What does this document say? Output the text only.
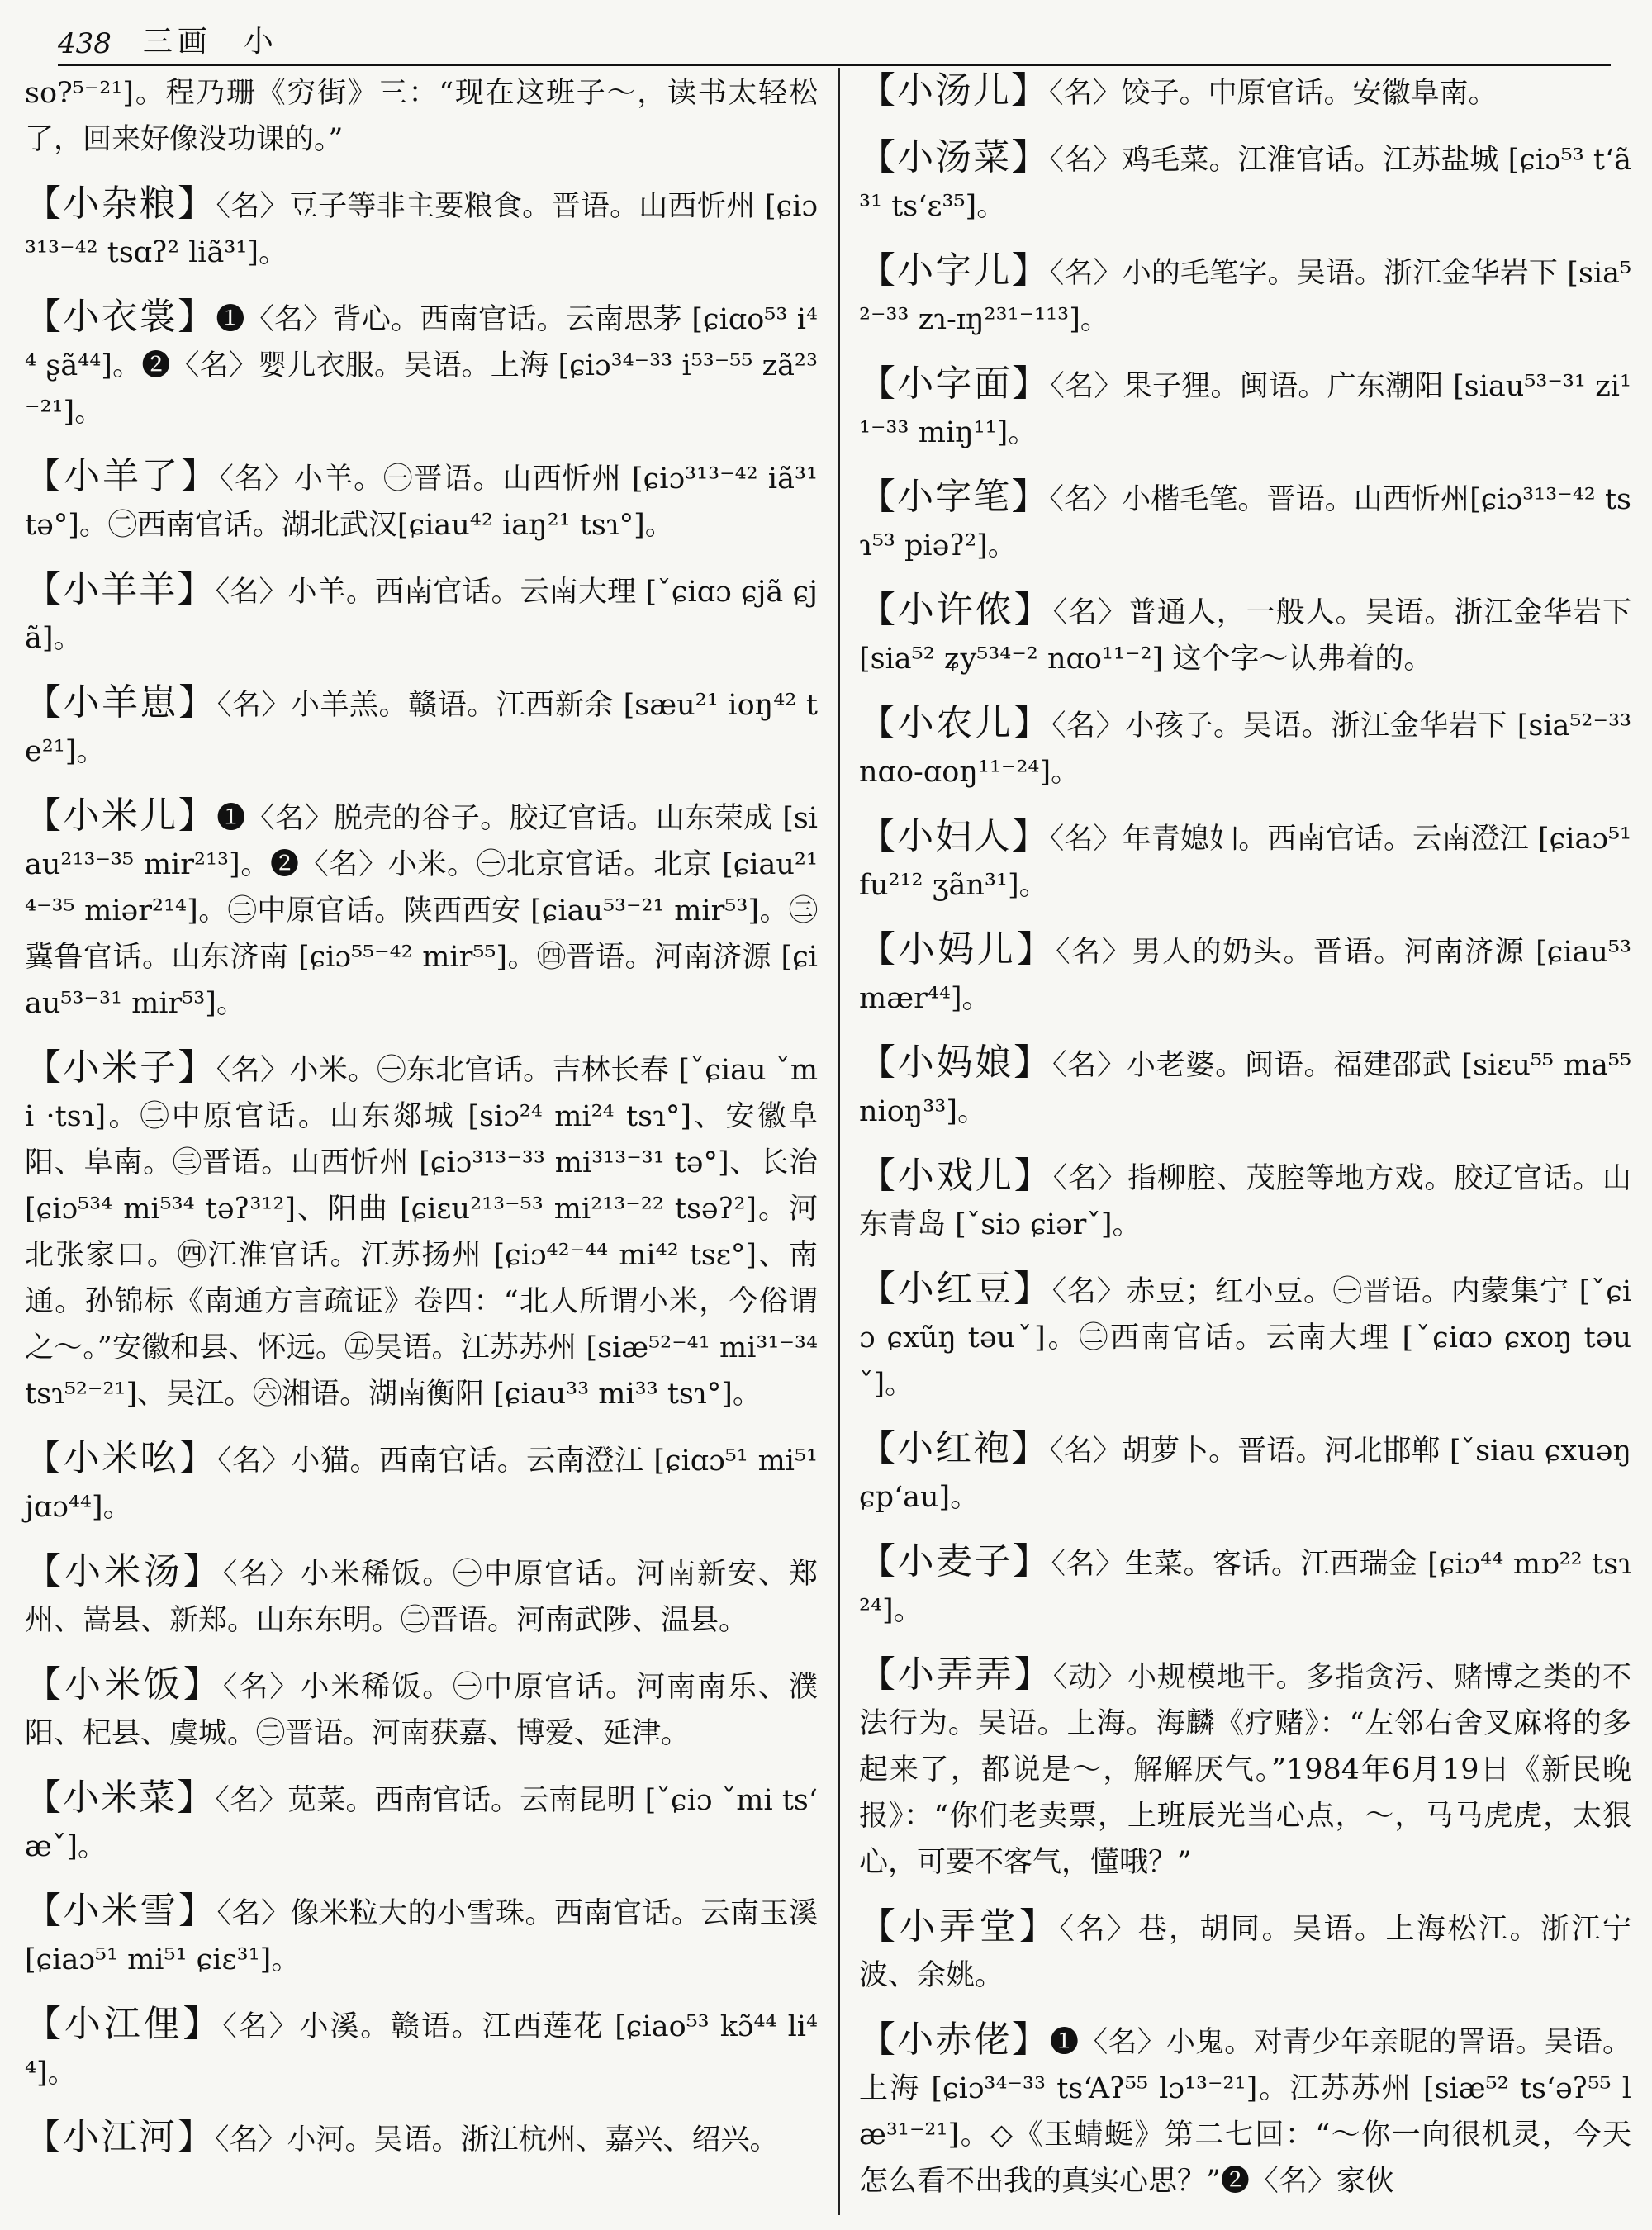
438 三画 小

so?⁵⁻²¹]。程乃珊《穷街》三：“现在这班子～，读书太轻松了，回来好像没功课的。”

【小杂粮】〈名〉豆子等非主要粮食。晋语。山西忻州 [ɕiɔ³¹³⁻⁴² tsɑʔ² liã³¹]。

【小衣裳】❶〈名〉背心。西南官话。云南思茅 [ɕiɑo⁵³ i⁴⁴ ʂã⁴⁴]。❷〈名〉婴儿衣服。吴语。上海 [ɕiɔ³⁴⁻³³ i⁵³⁻⁵⁵ zã²³⁻²¹]。

【小羊了】〈名〉小羊。㊀晋语。山西忻州 [ɕiɔ³¹³⁻⁴² iã³¹ tə°]。㊁西南官话。湖北武汉[ɕiau⁴² iaŋ²¹ tsɿ°]。

【小羊羊】〈名〉小羊。西南官话。云南大理 [ˇɕiɑɔ ɕjã ɕjã]。

【小羊崽】〈名〉小羊羔。赣语。江西新余 [sæu²¹ ioŋ⁴² te²¹]。

【小米儿】❶〈名〉脱壳的谷子。胶辽官话。山东荣成 [siau²¹³⁻³⁵ mir²¹³]。❷〈名〉小米。㊀北京官话。北京 [ɕiau²¹⁴⁻³⁵ miər²¹⁴]。㊁中原官话。陕西西安 [ɕiau⁵³⁻²¹ mir⁵³]。㊂冀鲁官话。山东济南 [ɕiɔ⁵⁵⁻⁴² mir⁵⁵]。㊃晋语。河南济源 [ɕiau⁵³⁻³¹ mir⁵³]。

【小米子】〈名〉小米。㊀东北官话。吉林长春 [ˇɕiau ˇmi ·tsɿ]。㊁中原官话。山东郯城 [siɔ²⁴ mi²⁴ tsɿ°]、安徽阜阳、阜南。㊂晋语。山西忻州 [ɕiɔ³¹³⁻³³ mi³¹³⁻³¹ tə°]、长治 [ɕiɔ⁵³⁴ mi⁵³⁴ təʔ³¹²]、阳曲 [ɕiɛu²¹³⁻⁵³ mi²¹³⁻²² tsəʔ²]。河北张家口。㊃江淮官话。江苏扬州 [ɕiɔ⁴²⁻⁴⁴ mi⁴² tsɛ°]、南通。孙锦标《南通方言疏证》卷四：“北人所谓小米，今俗谓之～。”安徽和县、怀远。㊄吴语。江苏苏州 [siæ⁵²⁻⁴¹ mi³¹⁻³⁴ tsɿ⁵²⁻²¹]、吴江。㊅湘语。湖南衡阳 [ɕiau³³ mi³³ tsɿ°]。

【小米吆】〈名〉小猫。西南官话。云南澄江 [ɕiɑɔ⁵¹ mi⁵¹ jɑɔ⁴⁴]。

【小米汤】〈名〉小米稀饭。㊀中原官话。河南新安、郑州、嵩县、新郑。山东东明。㊁晋语。河南武陟、温县。

【小米饭】〈名〉小米稀饭。㊀中原官话。河南南乐、濮阳、杞县、虞城。㊁晋语。河南获嘉、博爱、延津。

【小米菜】〈名〉苋菜。西南官话。云南昆明 [ˇɕiɔ ˇmi tsʻæˇ]。

【小米雪】〈名〉像米粒大的小雪珠。西南官话。云南玉溪 [ɕiaɔ⁵¹ mi⁵¹ ɕiɛ³¹]。

【小江俚】〈名〉小溪。赣语。江西莲花 [ɕiao⁵³ kɔ̃⁴⁴ li⁴⁴]。

【小江河】〈名〉小河。吴语。浙江杭州、嘉兴、绍兴。

【小汤儿】〈名〉饺子。中原官话。安徽阜南。

【小汤菜】〈名〉鸡毛菜。江淮官话。江苏盐城 [ɕiɔ⁵³ tʻã³¹ tsʻɛ³⁵]。

【小字儿】〈名〉小的毛笔字。吴语。浙江金华岩下 [sia⁵²⁻³³ zɿ-ɪŋ²³¹⁻¹¹³]。

【小字面】〈名〉果子狸。闽语。广东潮阳 [siau⁵³⁻³¹ zi¹¹⁻³³ miŋ¹¹]。

【小字笔】〈名〉小楷毛笔。晋语。山西忻州[ɕiɔ³¹³⁻⁴² tsɿ⁵³ piəʔ²]。

【小许侬】〈名〉普通人，一般人。吴语。浙江金华岩下 [sia⁵² ʑy⁵³⁴⁻² nɑo¹¹⁻²] 这个字～认弗着的。

【小农儿】〈名〉小孩子。吴语。浙江金华岩下 [sia⁵²⁻³³ nɑo-ɑoŋ¹¹⁻²⁴]。

【小妇人】〈名〉年青媳妇。西南官话。云南澄江 [ɕiaɔ⁵¹ fu²¹² ʒãn³¹]。

【小妈儿】〈名〉男人的奶头。晋语。河南济源 [ɕiau⁵³ mær⁴⁴]。

【小妈娘】〈名〉小老婆。闽语。福建邵武 [siɛu⁵⁵ ma⁵⁵ nioŋ³³]。

【小戏儿】〈名〉指柳腔、茂腔等地方戏。胶辽官话。山东青岛 [ˇsiɔ ɕiərˇ]。

【小红豆】〈名〉赤豆；红小豆。㊀晋语。内蒙集宁 [ˇɕiɔ ɕxũŋ təuˇ]。㊁西南官话。云南大理 [ˇɕiɑɔ ɕxoŋ təuˇ]。

【小红袍】〈名〉胡萝卜。晋语。河北邯郸 [ˇsiau ɕxuəŋ ɕpʻau]。

【小麦子】〈名〉生菜。客话。江西瑞金 [ɕiɔ⁴⁴ mɒ²² tsɿ²⁴]。

【小弄弄】〈动〉小规模地干。多指贪污、赌博之类的不法行为。吴语。上海。海麟《疗赌》：“左邻右舍叉麻将的多起来了，都说是～，解解厌气。”1984年6月19日《新民晚报》：“你们老卖票，上班辰光当心点，～，马马虎虎，太狠心，可要不客气，懂哦？”

【小弄堂】〈名〉巷，胡同。吴语。上海松江。浙江宁波、余姚。

【小赤佬】❶〈名〉小鬼。对青少年亲昵的詈语。吴语。上海 [ɕiɔ³⁴⁻³³ tsʻAʔ⁵⁵ lɔ¹³⁻²¹]。江苏苏州 [siæ⁵² tsʻəʔ⁵⁵ læ³¹⁻²¹]。◇《玉蜻蜓》第二七回：“～你一向很机灵，今天怎么看不出我的真实心思？”❷〈名〉家伙
